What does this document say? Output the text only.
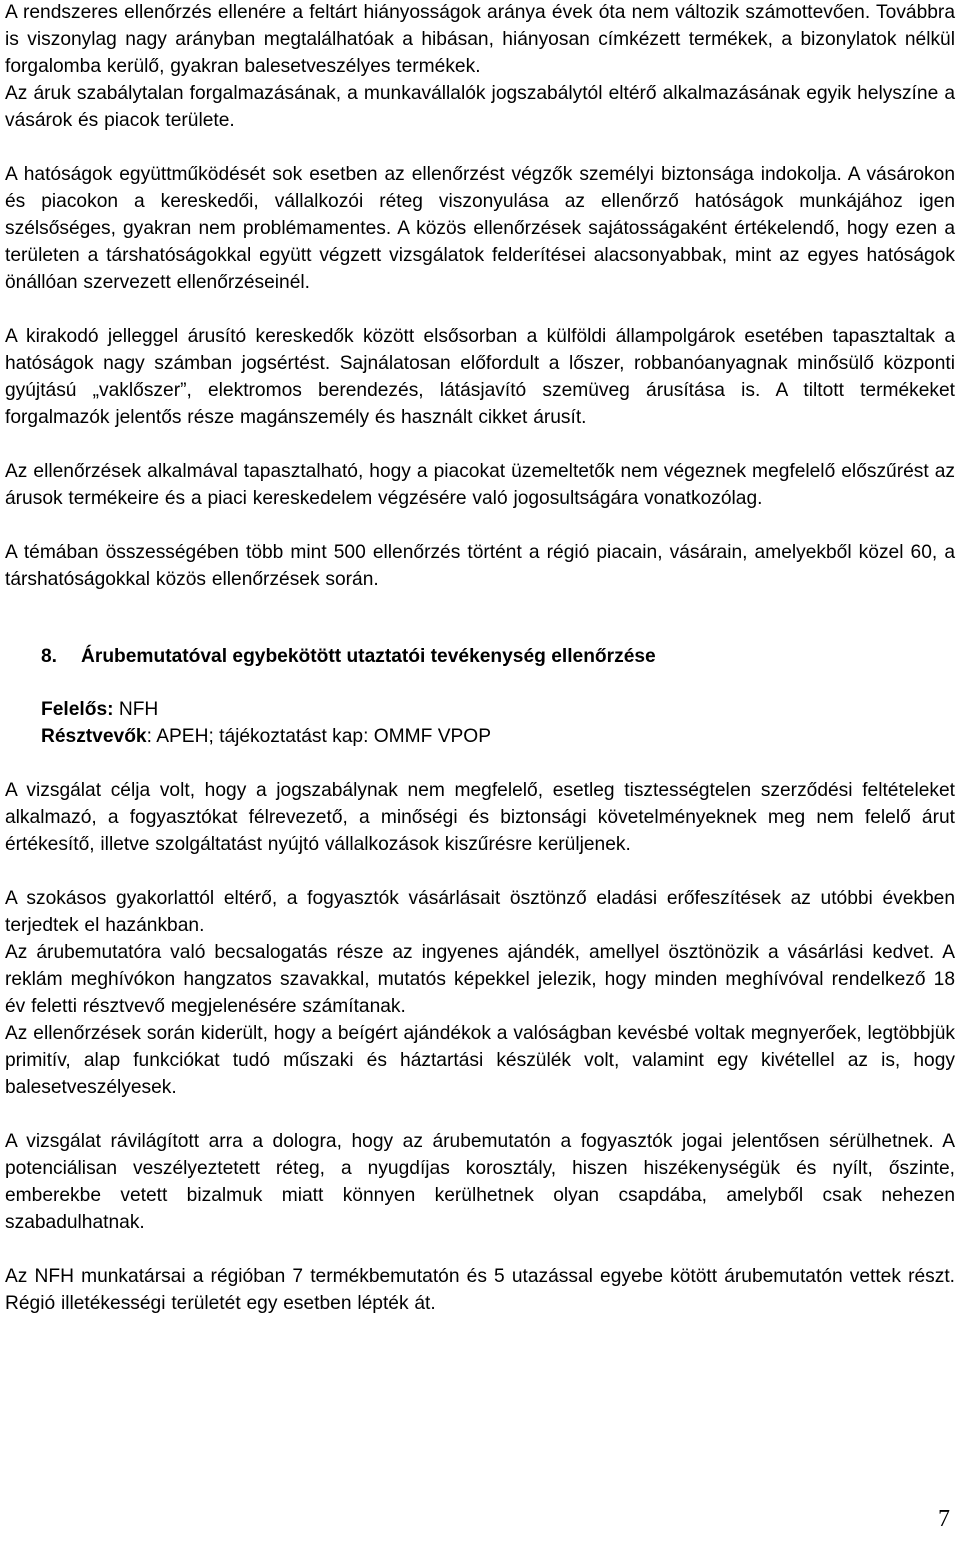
A rendszeres ellenőrzés ellenére a feltárt hiányosságok aránya évek óta nem változik számottevően. Továbbra is viszonylag nagy arányban megtalálhatóak a hibásan, hiányosan címkézett termékek, a bizonylatok nélkül forgalomba kerülő, gyakran balesetveszélyes termékek.

Az áruk szabálytalan forgalmazásának, a munkavállalók jogszabálytól eltérő alkalmazásának egyik helyszíne a vásárok és piacok területe.

A hatóságok együttműködését sok esetben az ellenőrzést végzők személyi biztonsága indokolja. A vásárokon és piacokon a kereskedői, vállalkozói réteg viszonyulása az ellenőrző hatóságok munkájához igen szélsőséges, gyakran nem problémamentes. A közös ellenőrzések sajátosságaként értékelendő, hogy ezen a területen a társhatóságokkal együtt végzett vizsgálatok felderítései alacsonyabbak, mint az egyes hatóságok önállóan szervezett ellenőrzéseinél.

A kirakodó jelleggel árusító kereskedők között elsősorban a külföldi állampolgárok esetében tapasztaltak a hatóságok nagy számban jogsértést. Sajnálatosan előfordult a lőszer, robbanóanyagnak minősülő központi gyújtású „vaklőszer”, elektromos berendezés, látásjavító szemüveg árusítása is. A tiltott termékeket forgalmazók jelentős része magánszemély és használt cikket árusít.

Az ellenőrzések alkalmával tapasztalható, hogy a piacokat üzemeltetők nem végeznek megfelelő előszűrést az árusok termékeire és a piaci kereskedelem végzésére való jogosultságára vonatkozólag.

A témában összességében több mint 500 ellenőrzés történt a régió piacain, vásárain, amelyekből közel 60, a társhatóságokkal közös ellenőrzések során.

8. Árubemutatóval egybekötött utaztatói tevékenység ellenőrzése
Felelős: NFH
Résztvevők: APEH; tájékoztatást kap: OMMF VPOP

A vizsgálat célja volt, hogy a jogszabálynak nem megfelelő, esetleg tisztességtelen szerződési feltételeket alkalmazó, a fogyasztókat félrevezető, a minőségi és biztonsági követelményeknek meg nem felelő árut értékesítő, illetve szolgáltatást nyújtó vállalkozások kiszűrésre kerüljenek.

A szokásos gyakorlattól eltérő, a fogyasztók vásárlásait ösztönző eladási erőfeszítések az utóbbi években terjedtek el hazánkban.

Az árubemutatóra való becsalogatás része az ingyenes ajándék, amellyel ösztönözik a vásárlási kedvet. A reklám meghívókon hangzatos szavakkal, mutatós képekkel jelezik, hogy minden meghívóval rendelkező 18 év feletti résztvevő megjelenésére számítanak.

Az ellenőrzések során kiderült, hogy a beígért ajándékok a valóságban kevésbé voltak megnyerőek, legtöbbjük primitív, alap funkciókat tudó műszaki és háztartási készülék volt, valamint egy kivétellel az is, hogy balesetveszélyesek.

A vizsgálat rávilágított arra a dologra, hogy az árubemutatón a fogyasztók jogai jelentősen sérülhetnek. A potenciálisan veszélyeztetett réteg, a nyugdíjas korosztály, hiszen hiszékenységük és nyílt, őszinte, emberekbe vetett bizalmuk miatt könnyen kerülhetnek olyan csapdába, amelyből csak nehezen szabadulhatnak.

Az NFH munkatársai a régióban 7 termékbemutatón és 5 utazással egyebe kötött árubemutatón vettek részt. Régió illetékességi területét egy esetben lépték át.

7
